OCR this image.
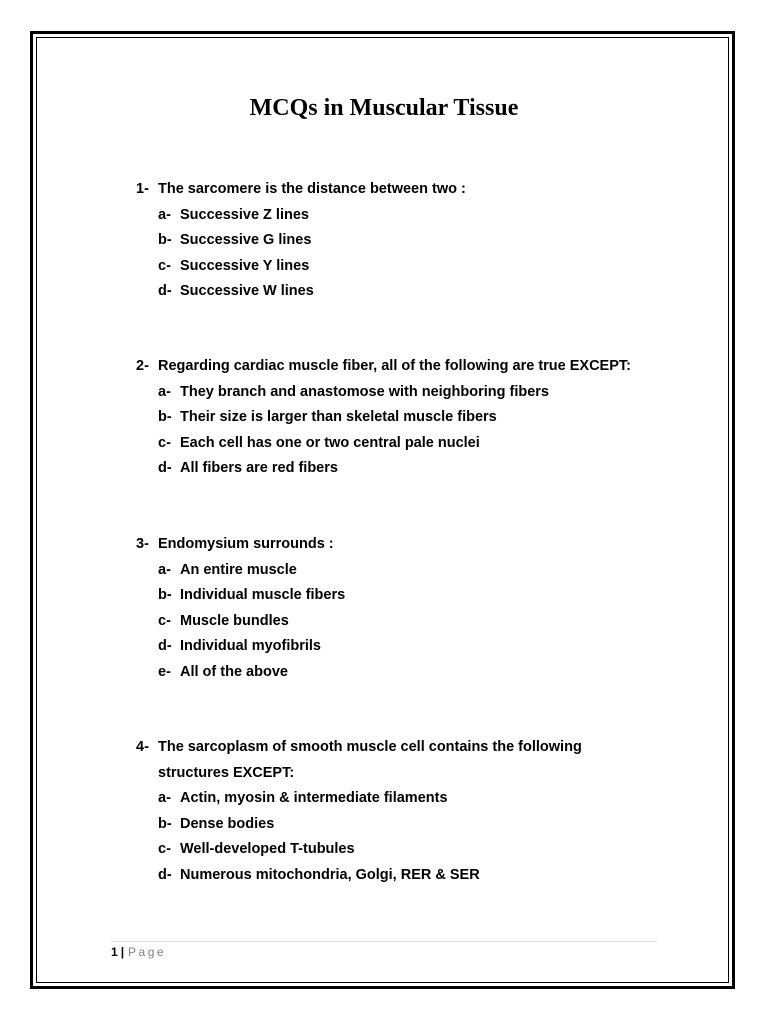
MCQs in Muscular Tissue
1- The sarcomere is the distance between two :
a- Successive Z lines
b- Successive G lines
c- Successive Y lines
d- Successive W lines
2- Regarding cardiac muscle fiber, all of the following are true EXCEPT:
a- They branch and anastomose with neighboring fibers
b- Their size is larger than skeletal muscle fibers
c- Each cell has one or two central pale nuclei
d- All fibers are red fibers
3- Endomysium surrounds :
a- An entire muscle
b- Individual muscle fibers
c- Muscle bundles
d- Individual myofibrils
e- All of the above
4- The sarcoplasm of smooth muscle cell contains the following
structures EXCEPT:
a- Actin, myosin & intermediate filaments
b- Dense bodies
c- Well-developed T-tubules
d- Numerous mitochondria, Golgi, RER & SER
1 | Page
